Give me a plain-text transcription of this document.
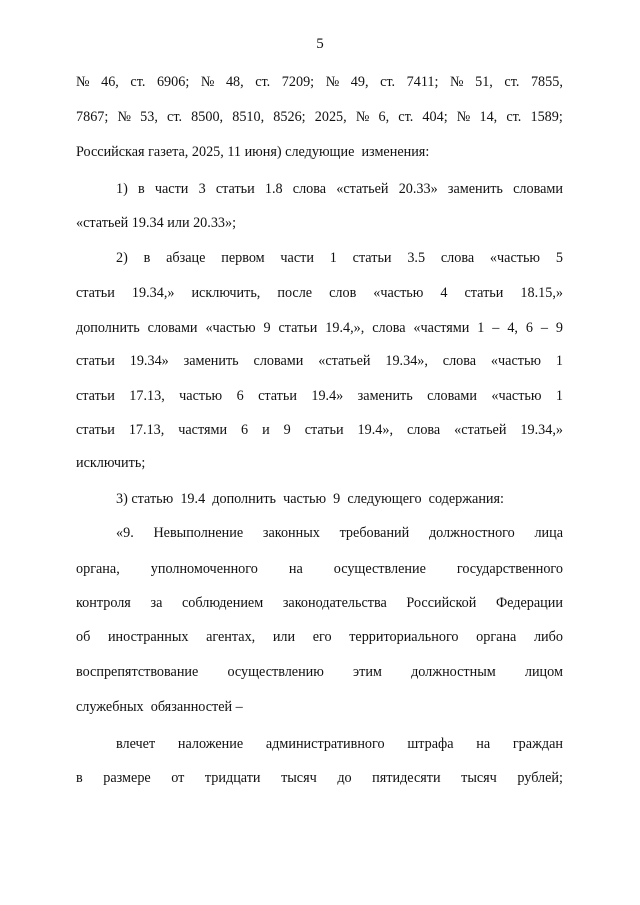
5
№ 46, ст. 6906; № 48, ст. 7209; № 49, ст. 7411; № 51, ст. 7855,
7867; № 53, ст. 8500, 8510, 8526; 2025, № 6, ст. 404; № 14, ст. 1589;
Российская газета, 2025, 11 июня) следующие  изменения:
1) в части 3 статьи 1.8 слова «статьей 20.33» заменить словами
«статьей 19.34 или 20.33»;
2) в абзаце первом части 1 статьи 3.5 слова «частью 5
статьи 19.34,» исключить, после слов «частью 4 статьи 18.15,»
дополнить словами «частью 9 статьи 19.4,», слова «частями 1 – 4, 6 – 9
статьи 19.34» заменить словами «статьей 19.34», слова «частью 1
статьи 17.13, частью 6 статьи 19.4» заменить словами «частью 1
статьи 17.13, частями 6 и 9 статьи 19.4», слова «статьей 19.34,»
исключить;
3) статью  19.4  дополнить  частью  9  следующего  содержания:
«9. Невыполнение законных требований должностного лица
органа, уполномоченного на осуществление государственного
контроля за соблюдением законодательства Российской Федерации
об иностранных агентах, или его территориального органа либо
воспрепятствование осуществлению этим должностным лицом
служебных  обязанностей –
влечет наложение административного штрафа на граждан
в размере от тридцати тысяч до пятидесяти тысяч рублей;
